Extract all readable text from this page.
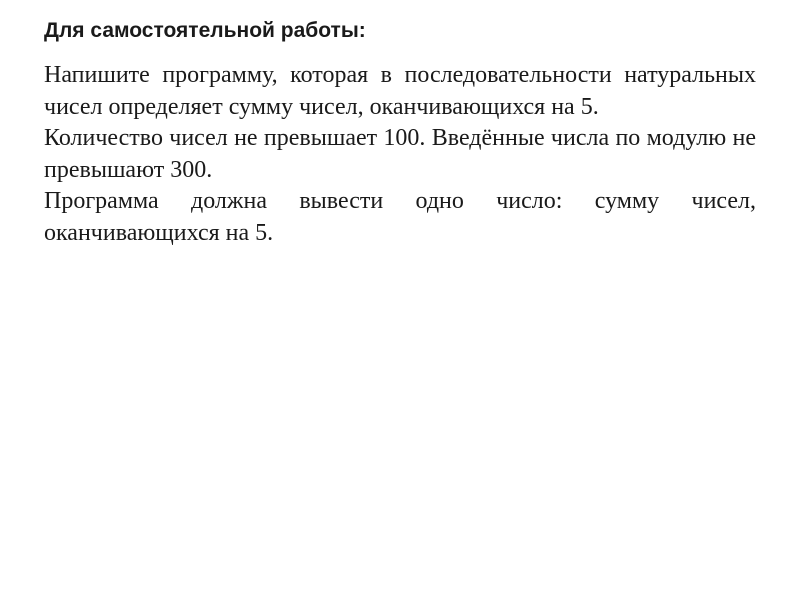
Для самостоятельной работы:

Напишите программу, которая в последовательности натуральных чисел определяет сумму чисел, оканчивающихся на 5.

Количество чисел не превышает 100. Введённые числа по модулю не превышают 300.

Программа должна вывести одно число: сумму чисел, оканчивающихся на 5.
